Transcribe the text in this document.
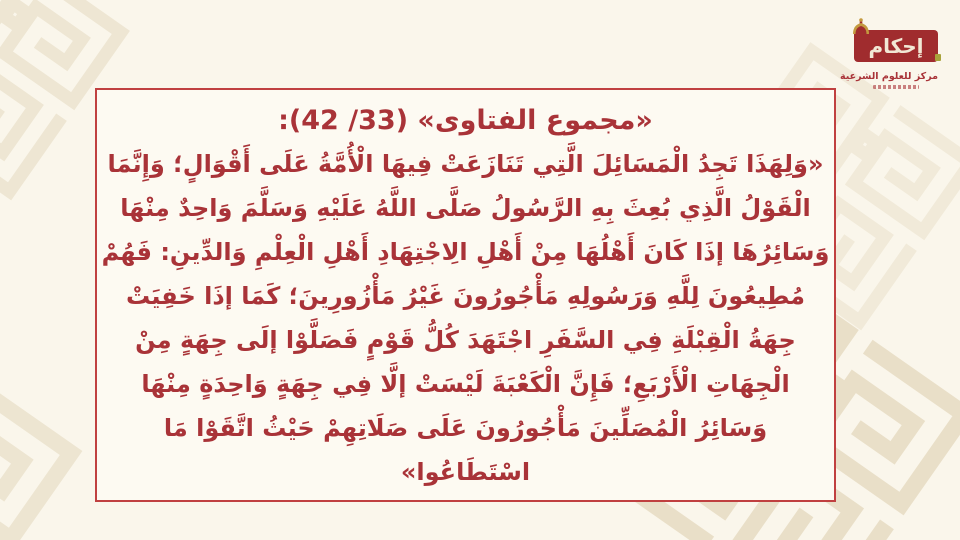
«مجموع الفتاوى» (33/ 42):
«وَلِهَذَا تَجِدُ الْمَسَائِلَ الَّتِي تَنَازَعَتْ فِيهَا الْأُمَّةُ عَلَى أَقْوَالٍ؛ وَإِنَّمَا
الْقَوْلُ الَّذِي بُعِثَ بِهِ الرَّسُولُ صَلَّى اللَّهُ عَلَيْهِ وَسَلَّمَ وَاحِدٌ مِنْهَا
وَسَائِرُهَا إذَا كَانَ أَهْلُهَا مِنْ أَهْلِ الِاجْتِهَادِ أَهْلِ الْعِلْمِ وَالدِّينِ: فَهُمْ
مُطِيعُونَ لِلَّهِ وَرَسُولِهِ مَأْجُورُونَ غَيْرُ مَأْزُورِينَ؛ كَمَا إذَا خَفِيَتْ
جِهَةُ الْقِبْلَةِ فِي السَّفَرِ اجْتَهَدَ كُلُّ قَوْمٍ فَصَلَّوْا إلَى جِهَةٍ مِنْ
الْجِهَاتِ الْأَرْبَعِ؛ فَإِنَّ الْكَعْبَةَ لَيْسَتْ إلَّا فِي جِهَةٍ وَاحِدَةٍ مِنْهَا
وَسَائِرُ الْمُصَلِّينَ مَأْجُورُونَ عَلَى صَلَاتِهِمْ حَيْثُ اتَّقَوْا مَا
اسْتَطَاعُوا»
إحكام
مركز للعلوم الشرعية
